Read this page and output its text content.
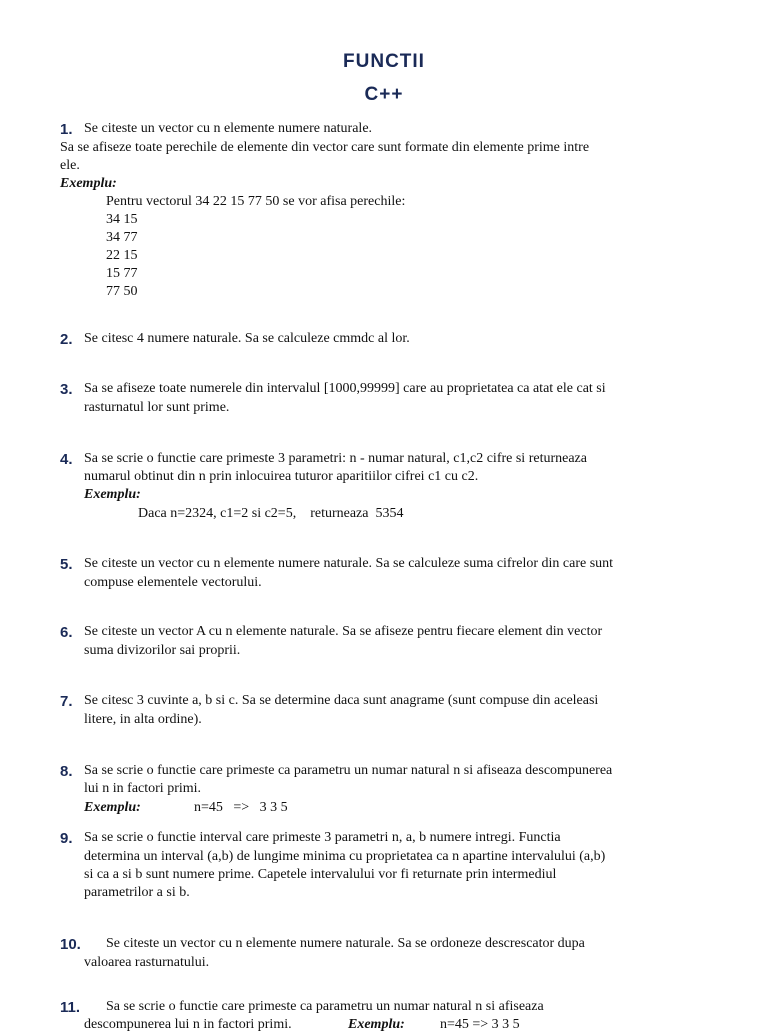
FUNCTII
C++
1. Se citeste un vector cu n elemente numere naturale.
Sa se afiseze toate perechile de elemente din vector care sunt formate din elemente prime intre
ele.
Exemplu:
Pentru vectorul 34 22 15 77 50 se vor afisa perechile:
34 15
34 77
22 15
15 77
77 50
2. Se citesc 4 numere naturale. Sa se calculeze cmmdc al lor.
3. Sa se afiseze toate numerele din intervalul [1000,99999] care au proprietatea ca atat ele cat si
rasturnatul lor sunt prime.
4. Sa se scrie o functie care primeste 3 parametri: n - numar natural, c1,c2 cifre si returneaza
numarul obtinut din n prin inlocuirea tuturor aparitiilor cifrei c1 cu c2.
Exemplu:
Daca n=2324, c1=2 si c2=5,    returneaza  5354
5. Se citeste un vector cu n elemente numere naturale. Sa se calculeze suma cifrelor din care sunt
compuse elementele vectorului.
6. Se citeste un vector A cu n elemente naturale. Sa se afiseze pentru fiecare element din vector
suma divizorilor sai proprii.
7. Se citesc 3 cuvinte a, b si c. Sa se determine daca sunt anagrame (sunt compuse din aceleasi
litere, in alta ordine).
8. Sa se scrie o functie care primeste ca parametru un numar natural n si afiseaza descompunerea
lui n in factori primi.
Exemplu:	n=45   =>   3 3 5
9. Sa se scrie o functie interval care primeste 3 parametri n, a, b numere intregi. Functia
determina un interval (a,b) de lungime minima cu proprietatea ca n apartine intervalului (a,b)
si ca a si b sunt numere prime. Capetele intervalului vor fi returnate prin intermediul
parametrilor a si b.
10. Se citeste un vector cu n elemente numere naturale. Sa se ordoneze descrescator dupa
valoarea rasturnatului.
11. Sa se scrie o functie care primeste ca parametru un numar natural n si afiseaza
descompunerea lui n in factori primi.	Exemplu:	n=45 => 3 3 5
